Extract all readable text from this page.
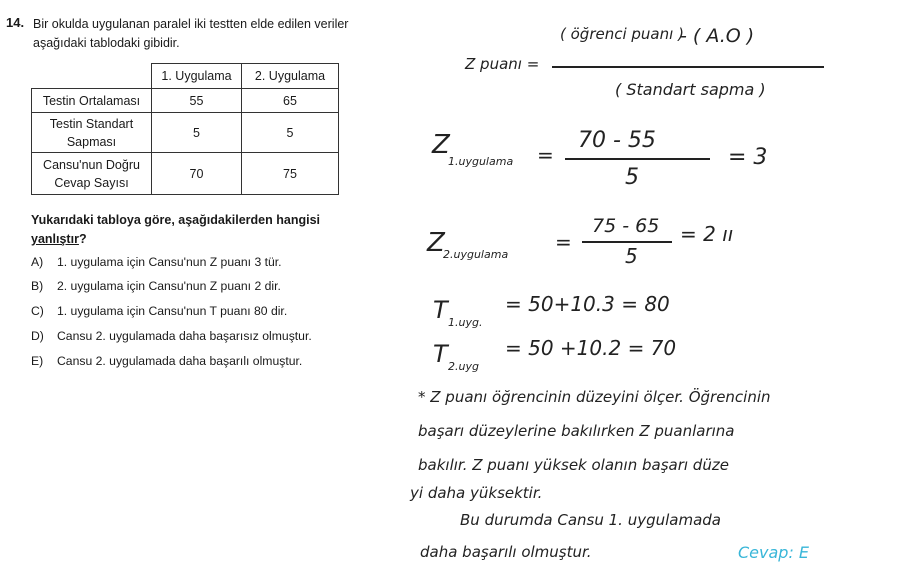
14. Bir okulda uygulanan paralel iki testten elde edilen veriler aşağıdaki tablodaki gibidir.
	1. Uygulama	2. Uygulama
Testin Ortalaması	55	65
Testin Standart Sapması	5	5
Cansu'nun Doğru Cevap Sayısı	70	75
Yukarıdaki tabloya göre, aşağıdakilerden hangisi yanlıştır?
A) 1. uygulama için Cansu'nun Z puanı 3 tür.
B) 2. uygulama için Cansu'nun Z puanı 2 dir.
C) 1. uygulama için Cansu'nun T puanı 80 dir.
D) Cansu 2. uygulamada daha başarısız olmuştur.
E) Cansu 2. uygulamada daha başarılı olmuştur.
Z puanı =
( öğrenci puanı )
- ( A.O )
( Standart sapma )
Z
1.uygulama =
70 - 55
5
= 3
Z
2.uygulama
=
75 - 65
5
= 2 ıı
T 1.uyg.
= 50+10.3 = 80
T 2.uyg
= 50 +10.2 = 70
* Z puanı öğrencinin düzeyini ölçer. Öğrencinin
başarı düzeylerine bakılırken Z puanlarına
bakılır. Z puanı yüksek olanın başarı düze
yi daha yüksektir.
Bu durumda Cansu 1. uygulamada
daha başarılı olmuştur.	Cevap: E
